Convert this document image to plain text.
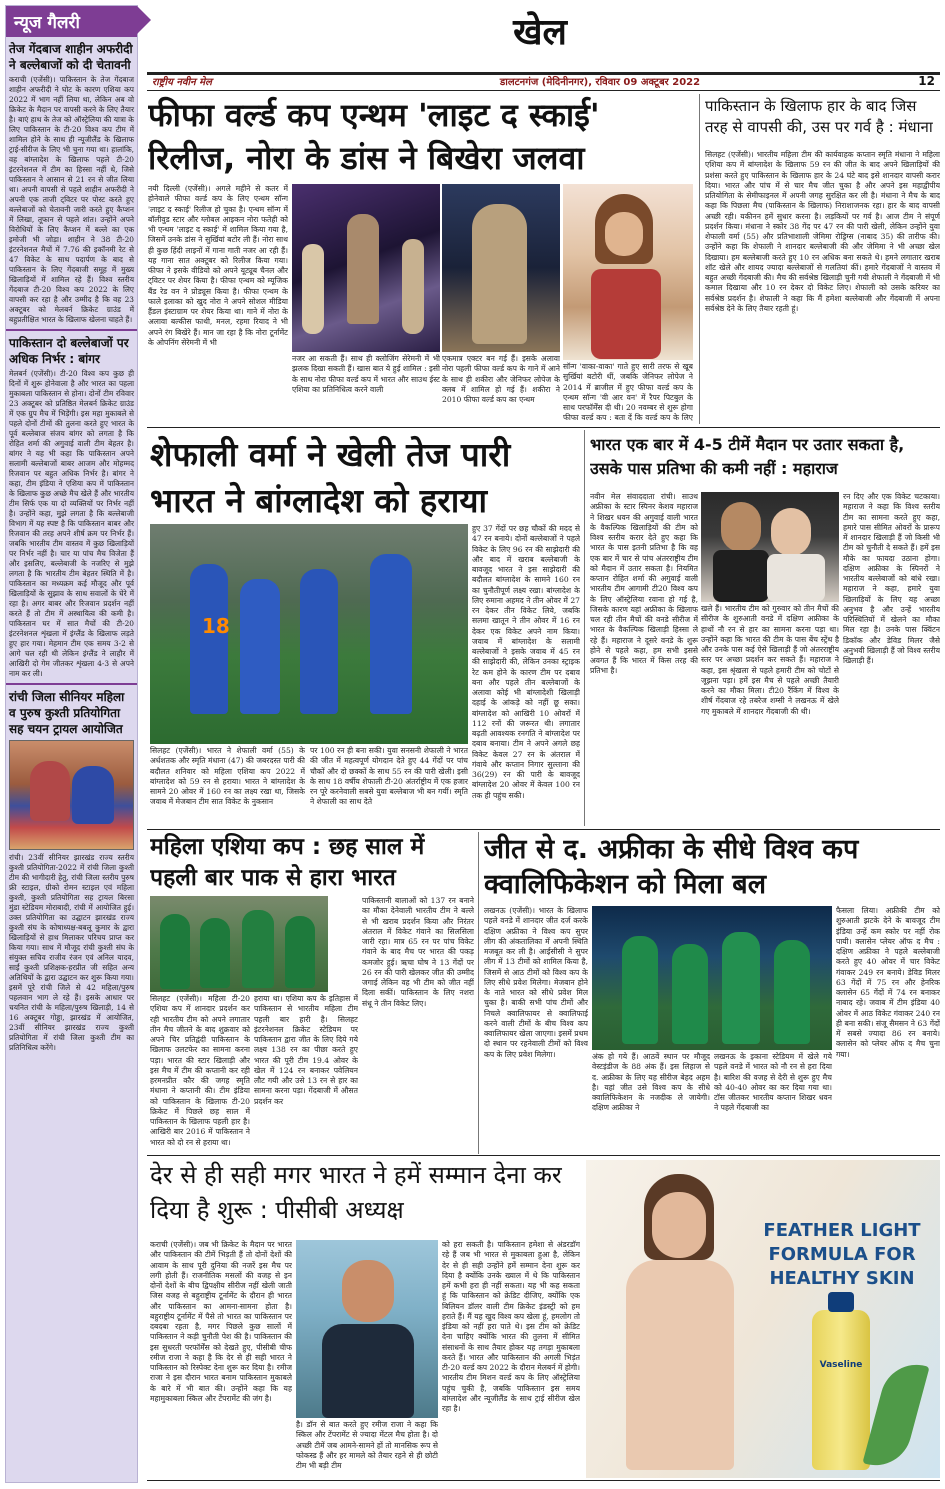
न्यूज गैलरी
तेज गेंदबाज शाहीन अफरीदी ने बल्लेबाजों को दी चेतावनी
कराची (एजेंसी)। पाकिस्तान के तेज गेंदबाज शाहीन अफरीदी ने घोट के कारण एशिया कप 2022 में भाग नहीं लिया था, लेकिन अब वो क्रिकेट के मैदान पर वापसी करने के लिए तैयार है। बाएं हाथ के तेज को ऑस्ट्रेलिया की यात्रा के लिए पाकिस्तान के टी-20 विश्व कप टीम में शामिल होने के साथ ही न्यूजीलैंड के खिलाफ ट्राई-सीरीज के लिए भी चुना गया था। हालांकि, वह बांग्लादेश के खिलाफ पहले टी-20 इंटरनेशनल में टीम का हिस्सा नहीं थे, जिसे पाकिस्तान ने आसान से 21 रन से जीत लिया था। अपनी वापसी से पहले शाहीन अफरीदी ने अपनी एक ताजी ट्विटर पर पोस्ट करते हुए बल्लेबाजों को चेतावनी जारी करते हुए कैप्शन में लिखा, तूफान से पहले शांत। उन्होंने अपने विरोधियों के लिए कैप्शन में बल्ले का एक इमोजी भी जोड़ा। शाहीन ने 38 टी-20 इंटरनेशनल मैचों में 7.76 की इकॉनमी रेट से 47 विकेट के साथ पदार्पण के बाद से पाकिस्तान के लिए गेंदबाजी समूह में मुख्य खिलाड़ियों में शामिल रहे हैं। विश्व स्तरीय गेंदबाज टी-20 विश्व कप 2022 के लिए वापसी कर रहा है और उम्मीद है कि वह 23 अक्टूबर को मेलबर्न क्रिकेट ग्राउंड में बहुप्रतीक्षित भारत के खिलाफ खेलना चाहते हैं।
पाकिस्तान दो बल्लेबाजों पर अधिक निर्भर : बांगर
मेलबर्न (एजेंसी)। टी-20 विश्व कप कुछ ही दिनों में शुरू होनेवाला है और भारत का पहला मुकाबला पाकिस्तान से होना। दोनों टीम रविवार 23 अक्टूबर को प्रतिष्ठित मेलबर्न क्रिकेट ग्राउंड में एक ग्रुप मैच में भिड़ेंगी। इस महा मुकाबले से पहले दोनों टीमों की तुलना करते हुए भारत के पूर्व बल्लेबाज संजय बांगर को लगता है कि रोहित शर्मा की अगुवाई वाली टीम बेहतर है। बांगर ने यह भी कहा कि पाकिस्तान अपने सलामी बल्लेबाजों बाबर आजम और मोहम्मद रिजवान पर बहुत अधिक निर्भर है। बांगर ने कहा, टीम इंडिया ने एशिया कप में पाकिस्तान के खिलाफ कुछ अच्छे मैच खेले हैं और भारतीय टीम सिर्फ एक या दो व्यक्तियों पर निर्भर नहीं है। उन्होंने कहा, मुझे लगता है कि बल्लेबाजी विभाग में यह स्पष्ट है कि पाकिस्तान बाबर और रिजवान की तरह अपने शीर्ष क्रम पर निर्भर हैं। जबकि भारतीय टीम वास्तव में कुछ खिलाड़ियों पर निर्भर नहीं है। चार या पांच मैच विजेता हैं और इसलिए, बल्लेबाजी के नजरिए से मुझे लगता है कि भारतीय टीम बेहतर स्थिति में है। पाकिस्तान का मध्यक्रम कई मौजूद और पूर्व खिलाड़ियों के सुझाव के साथ सवालों के घेरे में रहा है। अगर बाबर और रिजवान प्रदर्शन नहीं करते हैं तो टीम में अस्थायित्व की कमी है। पाकिस्तान घर में सात मैचों की टी-20 इंटरनेशनल शृंखला में इंग्लैंड के खिलाफ लड़ते हुए हार गया। मेहमान टीम एक समय 3-2 से आगे चल रही थी लेकिन इंग्लैंड ने लाहौर में आखिरी दो गेम जीतकर शृंखला 4-3 से अपने नाम कर ली।
रांची जिला सीनियर महिला व पुरुष कुश्ती प्रतियोगिता सह चयन ट्रायल आयोजित
रांची। 23वीं सीनियर झारखंड राज्य स्तरीय कुश्ती प्रतियोगिता-2022 में रांची जिला कुश्ती टीम की भागीदारी हेतु, रांची जिला स्तरीय पुरुष फ्री स्टाइल, ग्रीको रोमन स्टाइल एवं महिला कुश्ती, कुश्ती प्रतियोगिता सह ट्रायल बिरसा मुंडा स्टेडियम मोराबादी, रांची में आयोजित हुई। उक्त प्रतियोगिता का उद्घाटन झारखंड राज्य कुश्ती संघ के कोषाध्यक्ष-बबलू कुमार के द्वारा खिलाड़ियों से हाथ मिलाकर परिचय प्राप्त कर किया गया। साथ में मौजूद रांची कुश्ती संघ के संयुक्त सचिव राजीव रंजन एवं अनिल यादव, साईं कुश्ती प्रशिक्षक-हरप्रीत जी सहित अन्य अतिथियों के द्वारा उद्घाटन कर शुरू किया गया। इसमें पूरे रांची जिले से 42 महिला/पुरुष पहलवान भाग ले रहे हैं। इसके आधार पर चयनित रांची के महिला/पुरुष खिलाड़ी, 14 से 16 अक्टूबर गोड्डा, झारखंड में आयोजित, 23वीं सीनियर झारखंड राज्य कुश्ती प्रतियोगिता में रांची जिला कुश्ती टीम का प्रतिनिधित्व करेंगे।
खेल
राष्ट्रीय नवीन मेल	डालटनगंज (मेदिनीनगर), रविवार 09 अक्टूबर 2022	12
फीफा वर्ल्ड कप एन्थम 'लाइट द स्काई' रिलीज, नोरा के डांस ने बिखेरा जलवा
नयी दिल्ली (एजेंसी)। अगले महीने से कतर में होनेवाले फीफा वर्ल्ड कप के लिए एन्थम सॉन्ग 'लाइट द स्काई' रिलीज हो चुका है। एन्थम सॉन्ग में बॉलीवुड स्टार और ग्लोबल आइकन नोरा फतेही को भी एन्थम 'लाइट द स्काई' में शामिल किया गया है, जिसमें उनके डांस ने सुर्खियां बटोर ली हैं। नोरा साथ ही कुछ हिंदी लाइनों में गाना गाती नजर आ रही हैं। यह गाना सात अक्टूबर को रिलीज किया गया। फीफा ने इसके वीडियो को अपने यूट्यूब चैनल और ट्विटर पर शेयर किया है। फीफा एन्थम को म्यूजिक बैंड रेड वन ने प्रोड्यूस किया है। फीफा एन्थम के फाले इलाका को खुद नोरा ने अपने सोशल मीडिया हैंडल इंस्टाग्राम पर शेयर किया था। गाने में नोरा के अलावा बल्कीस फाथी, मनल, रहमा रियाद ने भी अपने रंग बिखेरे हैं। मान जा रहा है कि नोरा टूर्नामेंट के ओपनिंग सेरेमनी में भी
नजर आ सकती हैं। साथ ही क्लोजिंग सेरेमनी में भी झलक दिखा सकती हैं। खास बात ये हुई शामिल : इसी के साथ नोरा फीफा वर्ल्ड कप में भारत और साउथ ईस्ट एशिया का प्रतिनिधित्व करने वाली
एकमात्र एक्टर बन गई हैं। इसके अलावा नोरा पहली फीफा वर्ल्ड कप के गाने में आने के साथ ही शकीरा और जेनिफर लोपेज के क्लब में शामिल हो गई हैं। शकीरा ने 2010 फीफा वर्ल्ड कप का एन्थम
सॉन्ग 'वाका-वाका' गाते हुए सारी तरफ से खूब सुर्खियां बटोरी थीं, जबकि जेनिफर लोपेज ने 2014 में ब्राजील में हुए फीफा वर्ल्ड कप के एन्थम सॉन्ग 'वी आर वन' में रैपर पिटबुल के साथ परफॉर्मेंस दी थी। 20 नवम्बर से शुरू होगा फीफा वर्ल्ड कप : बता दें कि वर्ल्ड कप के लिए
पाकिस्तान के खिलाफ हार के बाद जिस तरह से वापसी की, उस पर गर्व है : मंधाना
सिलहट (एजेंसी)। भारतीय महिला टीम की कार्यवाहक कप्तान स्मृति मंधाना ने महिला एशिया कप में बांग्लादेश के खिलाफ 59 रन की जीत के बाद अपने खिलाड़ियों की प्रशंसा करते हुए पाकिस्तान के खिलाफ हार के 24 घंटे बाद इसे शानदार वापसी करार दिया। भारत और पांच में से चार मैच जीत चुका है और अपने इस महाद्वीपीय प्रतियोगिता के सेमीफाइनल में अपनी जगह सुरक्षित कर ली है। मंधाना ने मैच के बाद कहा कि पिछला मैच (पाकिस्तान के खिलाफ) निराशाजनक रहा। हार के बाद वापसी अच्छी रही। यकीनन हमें सुधार करना है। लड़कियों पर गर्व है। आज टीम ने संपूर्ण प्रदर्शन किया। मंधाना ने स्कोर 38 गेंद पर 47 रन की पारी खेली, लेकिन उन्होंने युवा शेफाली वर्मा (55) और प्रतिभाशाली जेमिमा रोड्रिग्स (नाबाद 35) की तारीफ की। उन्होंने कहा कि शेफाली ने शानदार बल्लेबाजी की और जेमिमा ने भी अच्छा खेल दिखाया। हम बल्लेबाजी करते हुए 10 रन अधिक बना सकते थे। हमने लगातार खराब शॉट खेले और शायद ज्यादा बल्लेबाजों से गलतियां कीं। हमारे गेंदबाजों ने वास्तव में बहुत अच्छी गेंदबाजी की। मैच की सर्वश्रेष्ठ खिलाड़ी चुनी गयी शेफाली ने गेंदबाजी में भी कमाल दिखाया और 10 रन देकर दो विकेट लिए। शेफाली को उसके करियर का सर्वश्रेष्ठ प्रदर्शन है। शेफाली ने कहा कि मैं हमेशा बल्लेबाजी और गेंदबाजी में अपना सर्वश्रेष्ठ देने के लिए तैयार रहती हूं।
शेफाली वर्मा ने खेली तेज पारी भारत ने बांग्लादेश को हराया
18
सिलहट (एजेंसी)। भारत ने शेफाली वर्मा (55) के अर्धशतक और स्मृति मंधाना (47) की जबरदस्त पारी की बदौलत शनिवार को महिला एशिया कप 2022 में बांग्लादेश को 59 रन से हराया। भारत ने बांग्लादेश के सामने 20 ओवर में 160 रन का लक्ष्य रखा था, जिसके जवाब में मेजबान टीम सात विकेट के नुकसान
पर 100 रन ही बना सकी। युवा सनसनी शेफाली ने भारत की जीत में महत्वपूर्ण योगदान देते हुए 44 गेंदों पर पांच चौकों और दो छक्कों के साथ 55 रन की पारी खेली। इसी के साथ 18 वर्षीय शेफाली टी-20 अंतर्राष्ट्रीय में एक हजार रन पूरे करनेवाली सबसे युवा बल्लेबाज भी बन गयीं। स्मृति ने शेफाली का साथ देते
हुए 37 गेंदों पर छह चौकों की मदद से 47 रन बनाये। दोनों बल्लेबाजों ने पहले विकेट के लिए 96 रन की साझेदारी की और बाद में खराब बल्लेबाजी के बावजूद भारत ने इस साझेदारी की बदौलत बांग्लादेश के सामने 160 रन का चुनौतीपूर्ण लक्ष्य रखा। बांग्लादेश के लिए रुमाना अहमद ने तीन ओवर में 27 रन देकर तीन विकेट लिये, जबकि सलमा खातून ने तीन ओवर में 16 रन देकर एक विकेट अपने नाम किया। जवाब में बांग्लादेश के सलामी बल्लेबाजों ने इसके जवाब में 45 रन की साझेदारी की, लेकिन उनका स्ट्राइक रेट कम होने के कारण टीम पर दबाव बना और पहले तीन बल्लेबाजों के अलावा कोई भी बांग्लादेशी खिलाड़ी दहाई के आंकड़े को नहीं छू सका। बांग्लादेश को आखिरी 10 ओवरों में 112 रनों की जरूरत थी। लगातार बढ़ती आवश्यक रनगति ने बांग्लादेश पर दबाव बनाया। टीम ने अपने अगले छह विकेट केवल 27 रन के अंतराल में गंवाये और कप्तान निगार सुल्ताना की 36(29) रन की पारी के बावजूद बांग्लादेश 20 ओवर में केवल 100 रन तक ही पहुंच सकी।
भारत एक बार में 4-5 टीमें मैदान पर उतार सकता है, उसके पास प्रतिभा की कमी नहीं : महाराज
नवीन मेल संवाददाता रांची। साउथ अफ्रीका के स्टार स्पिनर केशव महाराज ने शिखर धवन की अगुवाई वाली भारत के वैकल्पिक खिलाड़ियों की टीम को विश्व स्तरीय करार देते हुए कहा कि भारत के पास इतनी प्रतिभा है कि वह एक बार में चार से पांच अंतरराष्ट्रीय टीम को मैदान में उतार सकता है। नियमित कप्तान रोहित शर्मा की अगुवाई वाली भारतीय टीम आगामी टी20 विश्व कप के लिए ऑस्ट्रेलिया रवाना हो गई है, जिसके कारण यहां अफ्रीका के खिलाफ चल रही तीन मैचों की वनडे सीरीज में भारत के वैकल्पिक खिलाड़ी हिस्सा ले रहे हैं। महाराज ने दूसरे वनडे के शुरू होने से पहले कहा, हम सभी इससे अवगत हैं कि भारत में किस तरह की प्रतिभा है।
खले हैं। भारतीय टीम को गुरुवार को तीन मैचों की सीरीज के शुरुआती वनडे में दक्षिण अफ्रीका के हाथों नौ रन से हार का सामना करना पड़ा था। उन्होंने कहा कि भारत की टीम के पास बेंच स्ट्रेंथ है और उनके पास कई ऐसे खिलाड़ी हैं जो अंतरराष्ट्रीय स्तर पर अच्छा प्रदर्शन कर सकते हैं। महाराज ने कहा, इस श्रृंखला से पहले हमारी टीम को चोटों से जूझना पड़ा। हमें इस मैच से पहले अच्छी तैयारी करने का मौका मिला। टी20 रैंकिंग में विश्व के शीर्ष गेंदबाज रहे तबरेज शम्सी ने लखनऊ में खेले गए मुकाबले में शानदार गेंदबाजी की थी।
रन दिए और एक विकेट चटकाया। महाराज ने कहा कि विश्व स्तरीय टीम का सामना करते हुए कहा, हमारे पास सीमित ओवरों के प्रारूप में शानदार खिलाड़ी हैं जो किसी भी टीम को चुनौती दे सकते हैं। हमें इस मौके का फायदा उठाना होगा। दक्षिण अफ्रीका के स्पिनरों ने भारतीय बल्लेबाजों को बांधे रखा। महाराज ने कहा, हमारे युवा खिलाड़ियों के लिए यह अच्छा अनुभव है और उन्हें भारतीय परिस्थितियों में खेलने का मौका मिल रहा है। उनके पास क्विंटन डिकॉक और डेविड मिलर जैसे अनुभवी खिलाड़ी हैं जो विश्व स्तरीय खिलाड़ी हैं।
महिला एशिया कप : छह साल में पहली बार पाक से हारा भारत
सिलहट (एजेंसी)। महिला टी-20 एशिया कप में शानदार प्रदर्शन कर रही भारतीय टीम को अपने लगातार तीन मैच जीतने के बाद शुक्रवार को अपने चिर प्रतिद्वंदी पाकिस्तान के खिलाफ उलटफेर का सामना करना पड़ा। भारत की स्टार खिलाड़ी और इस मैच में टीम की कप्तानी कर रही हरमनप्रीत कौर की जगह स्मृति मंधाना ने कप्तानी की। टीम इंडिया को पाकिस्तान के खिलाफ टी-20 क्रिकेट में पिछले छह साल में पाकिस्तान के खिलाफ पहली हार है। आखिरी बार 2016 में पाकिस्तान ने भारत को दो रन से हराया था।
हराया था। एशिया कप के इतिहास में पाकिस्तान से भारतीय महिला टीम पहली बार हारी है। सिलहट इंटरनेशनल क्रिकेट स्टेडियम पर पाकिस्तान द्वारा जीत के लिए दिये गये लक्ष्य 138 रन का पीछा करते हुए भारत की पूरी टीम 19.4 ओवर के खेल में 124 रन बनाकर पवेलियन लौट गयी और उसे 13 रन से हार का सामना करना पड़ा। गेंदबाजी में औसत प्रदर्शन कर
पाकिस्तानी बालाओं को 137 रन बनाने का मौका देनेवाली भारतीय टीम ने बल्ले से भी खराब प्रदर्शन किया और निरंतर अंतराल में विकेट गंवाने का सिलसिला जारी रहा। मात्र 65 रन पर पांच विकेट गंवाने के बाद मैच पर भारत की पकड़ कमजोर हुई। ऋचा घोष ने 13 गेंदों पर 26 रन की पारी खेलकर जीत की उम्मीद जगाई लेकिन वह भी टीम को जीत नहीं दिला सकीं। पाकिस्तान के लिए नशरा संधू ने तीन विकेट लिए।
जीत से द. अफ्रीका के सीधे विश्व कप क्वालिफिकेशन को मिला बल
लखनऊ (एजेंसी)। भारत के खिलाफ पहले वनडे में शानदार जीत दर्ज करके दक्षिण अफ्रीका ने विश्व कप सुपर लीग की अंकतालिका में अपनी स्थिति मजबूत कर ली है। आईसीसी ने सुपर लीग में 13 टीमों को शामिल किया है, जिसमें से आठ टीमों को विश्व कप के लिए सीधे प्रवेश मिलेगा। मेजबान होने के नाते भारत को सीधे प्रवेश मिल चुका है। बाकी सभी पांच टीमों और निचले क्वालिफायर से क्वालिफाई करने वाली टीमों के बीच विश्व कप क्वालिफायर खेला जाएगा। इसमें प्रथम दो स्थान पर रहनेवाली टीमों को विश्व कप के लिए प्रवेश मिलेगा।	अंक हो गये हैं। आठवें स्थान पर मौजूद वेस्टइंडीज के 88 अंक हैं। इस लिहाज से द. अफ्रीका के लिए यह सीरीज बेहद अहम है। यहां जीत उसे विश्व कप के सीधे क्वालिफिकेशन के नजदीक ले जायेगी। दक्षिण अफ्रीका ने
लखनऊ के इकाना स्टेडियम में खेले गये पहले वनडे में भारत को नौ रन से हरा दिया है। बारिश की वजह से देरी से शुरू हुए मैच को 40-40 ओवर का कर दिया गया था। टॉस जीतकर भारतीय कप्तान शिखर धवन ने पहले गेंदबाजी का
फैसला लिया। अफ्रीकी टीम को शुरुआती झटके देने के बावजूद टीम इंडिया उन्हें कम स्कोर पर नहीं रोक पायी। क्लासेन प्लेयर ऑफ द मैच : दक्षिण अफ्रीका ने पहले बल्लेबाजी करते हुए 40 ओवर में चार विकेट गंवाकर 249 रन बनाये। डेविड मिलर 63 गेंदों में 75 रन और हेनरिक क्लासेन 65 गेंदों में 74 रन बनाकर नाबाद रहे। जवाब में टीम इंडिया 40 ओवर में आठ विकेट गंवाकर 240 रन ही बना सकी। संजू सैमसन ने 63 गेंदों में सबसे ज्यादा 86 रन बनाये। क्लासेन को प्लेयर ऑफ द मैच चुना गया।
देर से ही सही मगर भारत ने हमें सम्मान देना कर दिया है शुरू : पीसीबी अध्यक्ष
कराची (एजेंसी)। जब भी क्रिकेट के मैदान पर भारत और पाकिस्तान की टीमें भिड़ती हैं तो दोनों देशों की आवाम के साथ पूरी दुनिया की नजरें इस मैच पर लगी होती हैं। राजनीतिक मसलों की वजह से इन दोनों देशों के बीच द्विपक्षीय सीरीज नहीं खेली जाती जिस वजह से बहुराष्ट्रीय टूर्नामेंट के दौरान ही भारत और पाकिस्तान का आमना-सामना होता है। बहुराष्ट्रीय टूर्नामेंट में पैसे तो भारत का पाकिस्तान पर दबदबा रहता है, मगर पिछले कुछ सालों में पाकिस्तान ने कड़ी चुनौती पेश की है। पाकिस्तान की इस सुधरती परफॉर्मेंस को देखते हुए, पीसीबी चीफ रमीज राजा ने कहा है कि देर से ही सही भारत ने पाकिस्तान को रिस्पेक्ट देना शुरू कर दिया है। रमीज राजा ने इस दौरान भारत बनाम पाकिस्तान मुकाबले के बारे में भी बात की। उन्होंने कहा कि यह महामुकाबला स्किल और टेंपरामेंट की जंग है।
है। डॉन से बात करते हुए रमीज राजा ने कहा कि स्किल और टेंपरामेंट से ज्यादा मेंटल मैच होता है। दो अच्छी टीमें जब आमने-सामने हों तो मानसिक रूप से फोकस्ड हैं और हर मामले को तैयार रहने से ही छोटी टीम भी बड़ी टीम
को हरा सकती है। पाकिस्तान हमेशा से अंडरडॉग रहे हैं जब भी भारत से मुकाबला हुआ है, लेकिन देर से ही सही उन्होंने हमें सम्मान देना शुरू कर दिया है क्योंकि उनके ख्याल में थे कि पाकिस्तान हमें कभी हरा ही नहीं सकता। यह भी कह सकता हूं कि पाकिस्तान को क्रेडिट दीजिए, क्योंकि एक बिलियन डॉलर वाली टीम क्रिकेट इंडस्ट्री को हम हराते हैं। मैं यह खुद विश्व कप खेला हूं, हमलोग तो इंडिया को नहीं हरा पाते थे। इस टीम को क्रेडिट देना चाहिए क्योंकि भारत की तुलना में सीमित संसाधनों के साथ तैयार होकर यह तगड़ा मुकाबला करते हैं। भारत और पाकिस्तान की अगली भिड़ंत टी-20 वर्ल्ड कप 2022 के दौरान मेलबर्न में होगी। भारतीय टीम मिशन वर्ल्ड कप के लिए ऑस्ट्रेलिया पहुंच चुकी है, जबकि पाकिस्तान इस समय बांग्लादेश और न्यूजीलैंड के साथ ट्राई सीरीज खेल रहा है।
FEATHER LIGHT
FORMULA FOR
HEALTHY SKIN
Vaseline
